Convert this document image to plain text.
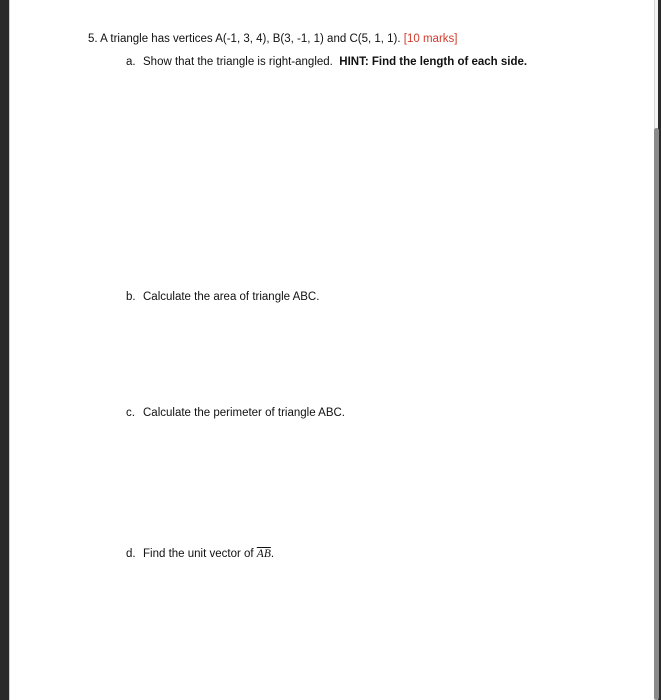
5. A triangle has vertices A(-1, 3, 4), B(3, -1, 1) and C(5, 1, 1). [10 marks]
a. Show that the triangle is right-angled. HINT: Find the length of each side.
b. Calculate the area of triangle ABC.
c. Calculate the perimeter of triangle ABC.
d. Find the unit vector of $\overline{AB}$.
